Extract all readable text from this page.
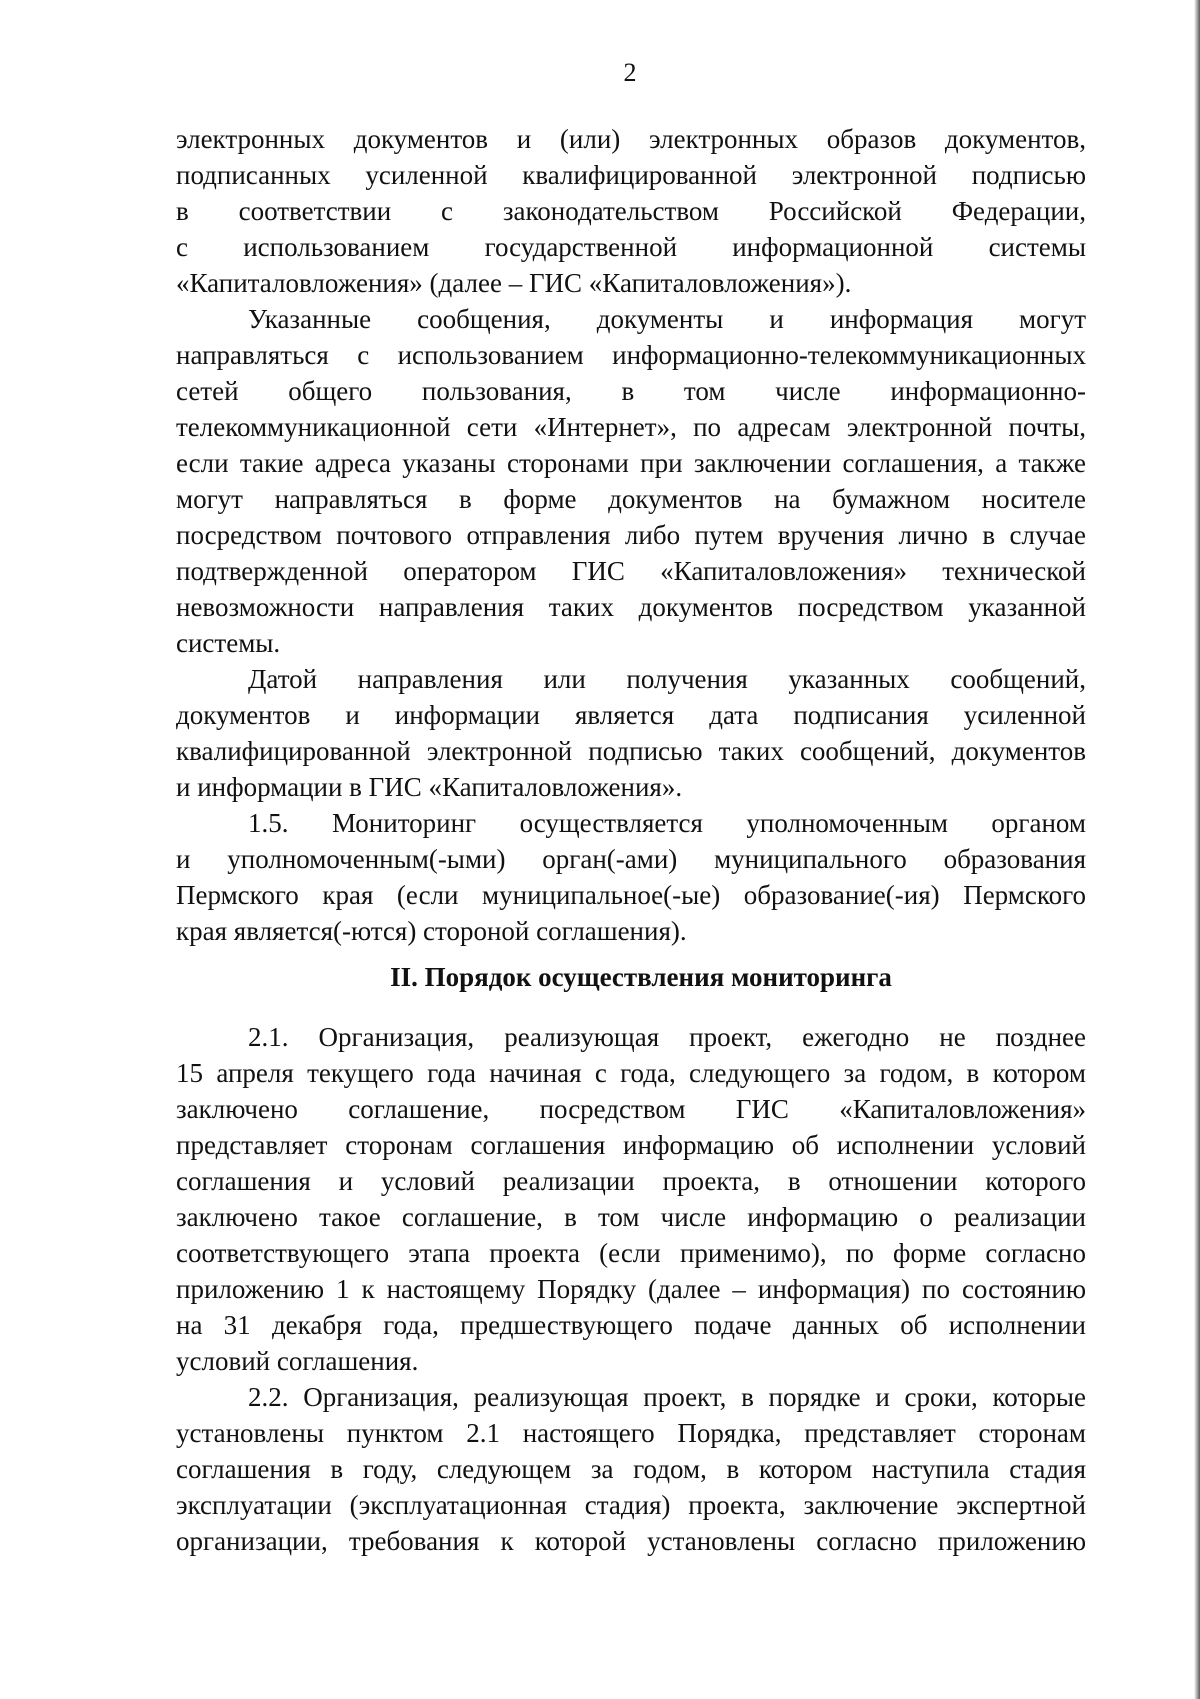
2
электронных документов и (или) электронных образов документов,
подписанных усиленной квалифицированной электронной подписью
в соответствии с законодательством Российской Федерации,
с использованием государственной информационной системы
«Капиталовложения» (далее – ГИС «Капиталовложения»).
Указанные сообщения, документы и информация могут
направляться с использованием информационно-телекоммуникационных
сетей общего пользования, в том числе информационно-
телекоммуникационной сети «Интернет», по адресам электронной почты,
если такие адреса указаны сторонами при заключении соглашения, а также
могут направляться в форме документов на бумажном носителе
посредством почтового отправления либо путем вручения лично в случае
подтвержденной оператором ГИС «Капиталовложения» технической
невозможности направления таких документов посредством указанной
системы.
Датой направления или получения указанных сообщений,
документов и информации является дата подписания усиленной
квалифицированной электронной подписью таких сообщений, документов
и информации в ГИС «Капиталовложения».
1.5. Мониторинг осуществляется уполномоченным органом
и уполномоченным(-ыми) орган(-ами) муниципального образования
Пермского края (если муниципальное(-ые) образование(-ия) Пермского
края является(-ются) стороной соглашения).
II. Порядок осуществления мониторинга
2.1. Организация, реализующая проект, ежегодно не позднее
15 апреля текущего года начиная с года, следующего за годом, в котором
заключено соглашение, посредством ГИС «Капиталовложения»
представляет сторонам соглашения информацию об исполнении условий
соглашения и условий реализации проекта, в отношении которого
заключено такое соглашение, в том числе информацию о реализации
соответствующего этапа проекта (если применимо), по форме согласно
приложению 1 к настоящему Порядку (далее – информация) по состоянию
на 31 декабря года, предшествующего подаче данных об исполнении
условий соглашения.
2.2. Организация, реализующая проект, в порядке и сроки, которые
установлены пунктом 2.1 настоящего Порядка, представляет сторонам
соглашения в году, следующем за годом, в котором наступила стадия
эксплуатации (эксплуатационная стадия) проекта, заключение экспертной
организации, требования к которой установлены согласно приложению
